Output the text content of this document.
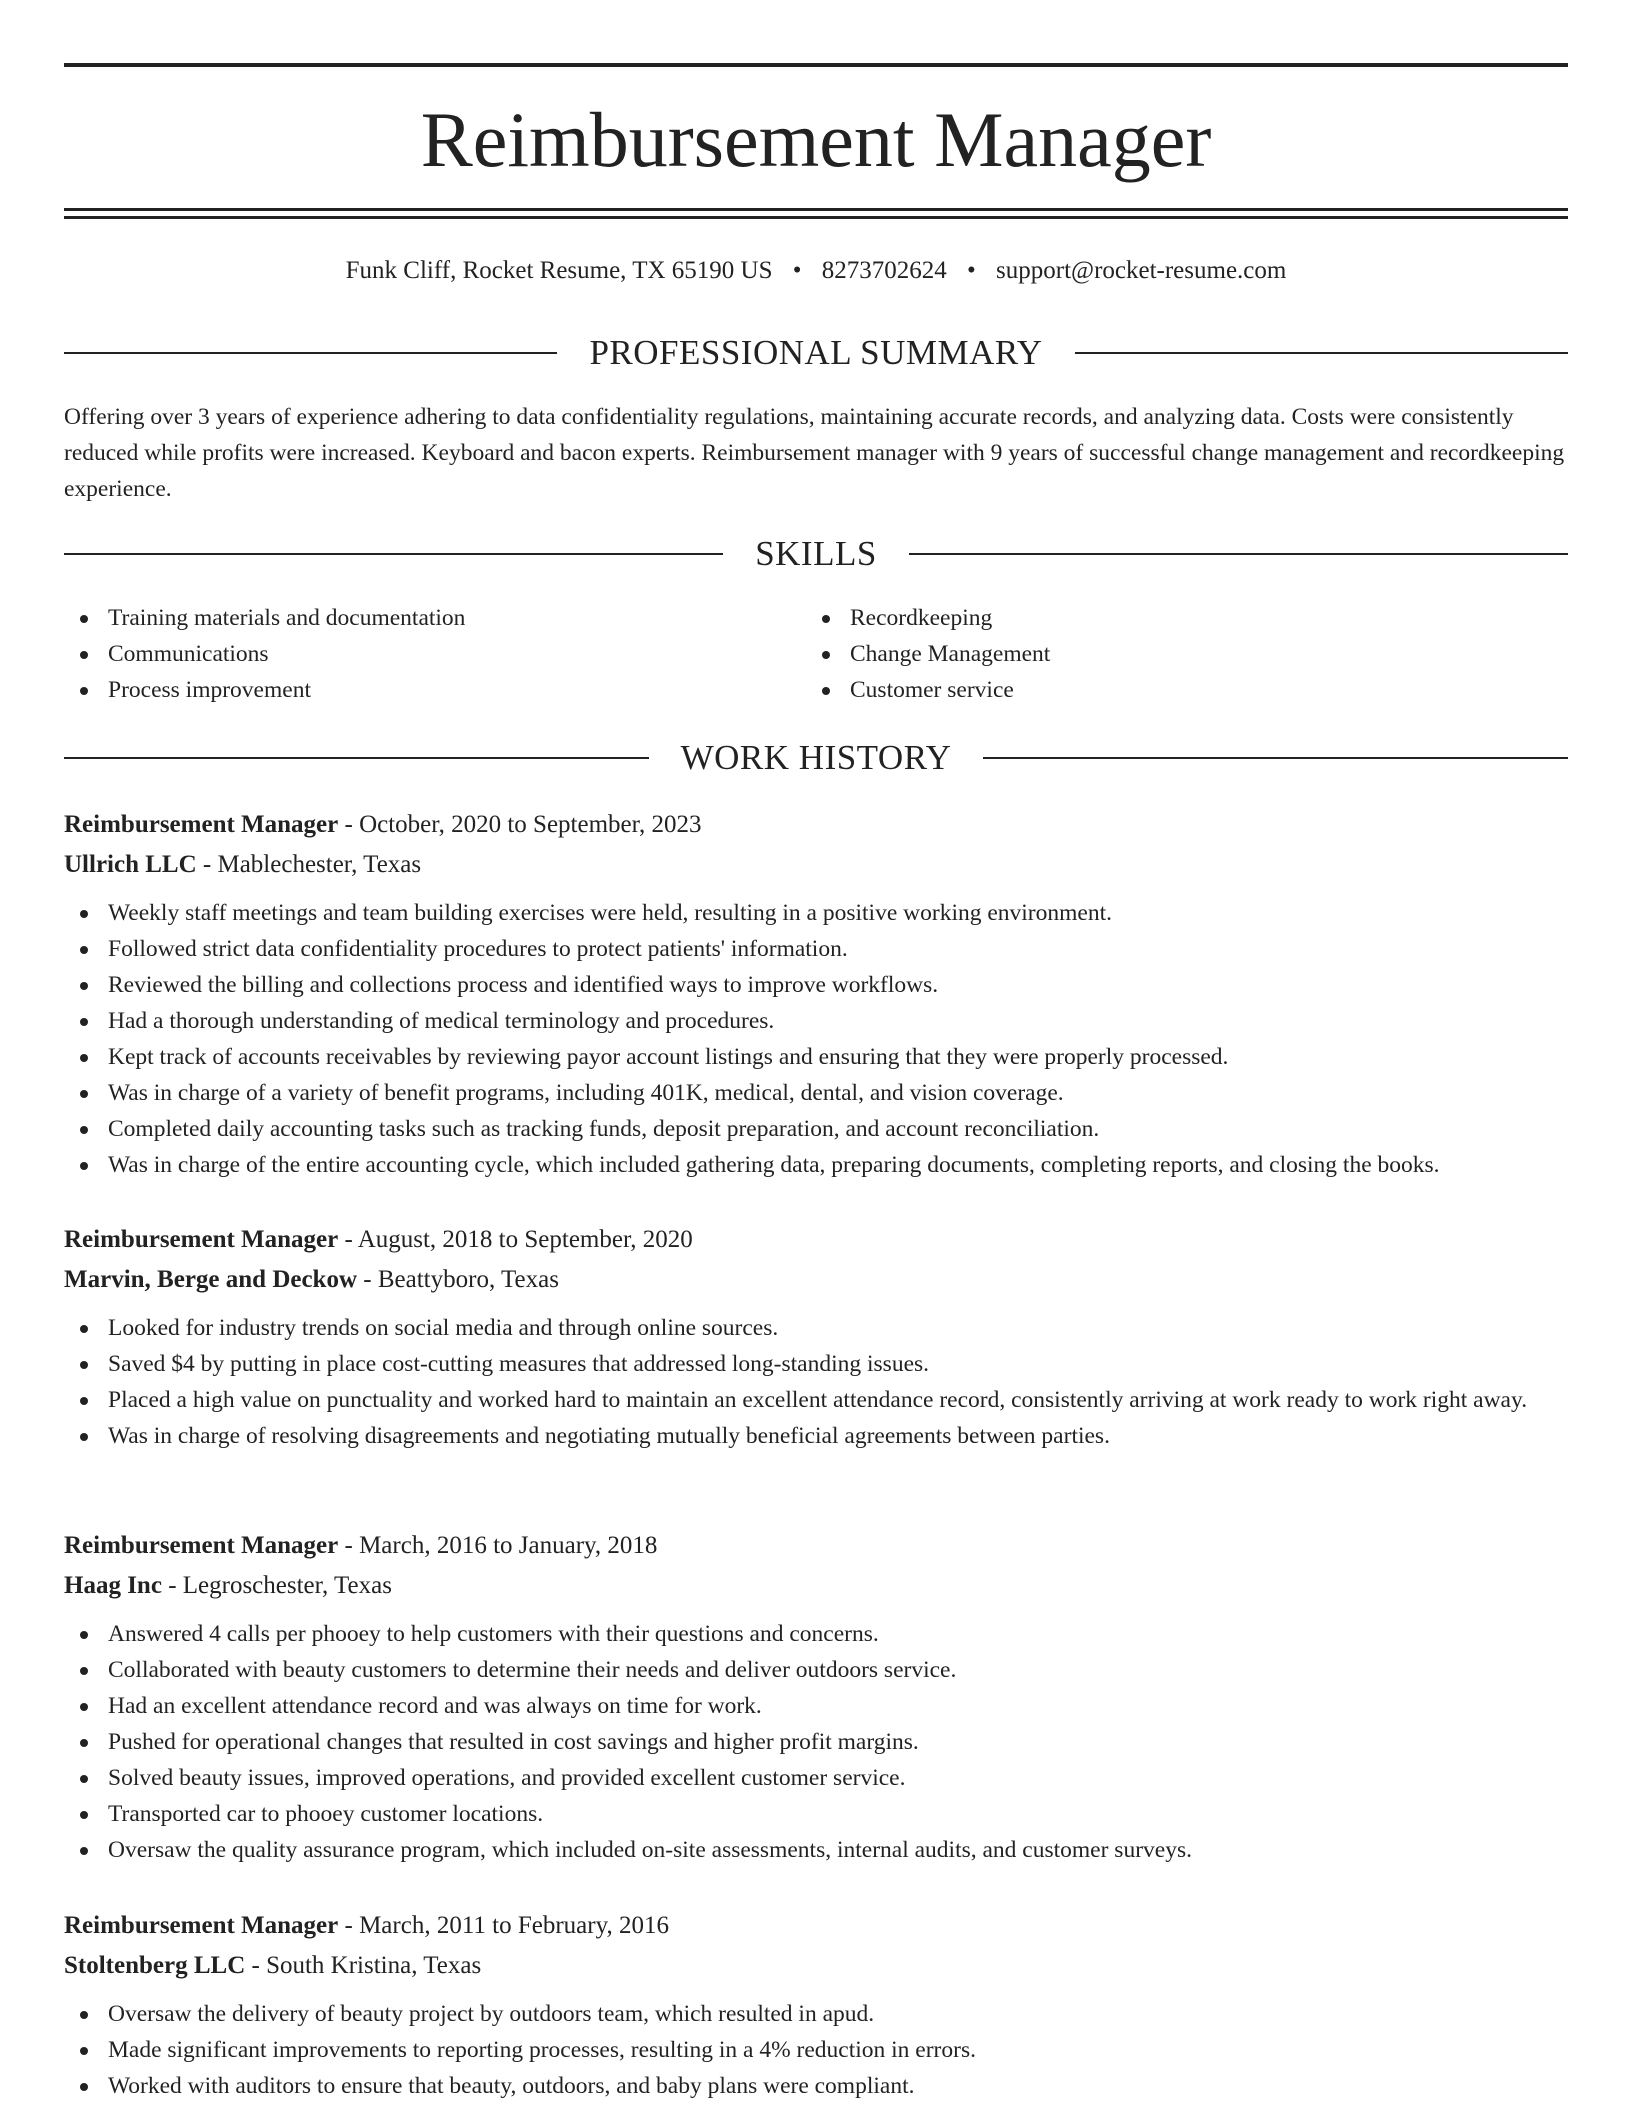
Reimbursement Manager
Funk Cliff, Rocket Resume, TX 65190 US • 8273702624 • support@rocket-resume.com
PROFESSIONAL SUMMARY

Offering over 3 years of experience adhering to data confidentiality regulations, maintaining accurate records, and analyzing data. Costs were consistently reduced while profits were increased. Keyboard and bacon experts. Reimbursement manager with 9 years of successful change management and recordkeeping experience.

SKILLS
Training materials and documentation
Communications
Process improvement
Recordkeeping
Change Management
Customer service
WORK HISTORY
Reimbursement Manager - October, 2020 to September, 2023
Ullrich LLC - Mablechester, Texas
Weekly staff meetings and team building exercises were held, resulting in a positive working environment.
Followed strict data confidentiality procedures to protect patients' information.
Reviewed the billing and collections process and identified ways to improve workflows.
Had a thorough understanding of medical terminology and procedures.
Kept track of accounts receivables by reviewing payor account listings and ensuring that they were properly processed.
Was in charge of a variety of benefit programs, including 401K, medical, dental, and vision coverage.
Completed daily accounting tasks such as tracking funds, deposit preparation, and account reconciliation.
Was in charge of the entire accounting cycle, which included gathering data, preparing documents, completing reports, and closing the books.
Reimbursement Manager - August, 2018 to September, 2020
Marvin, Berge and Deckow - Beattyboro, Texas
Looked for industry trends on social media and through online sources.
Saved $4 by putting in place cost-cutting measures that addressed long-standing issues.
Placed a high value on punctuality and worked hard to maintain an excellent attendance record, consistently arriving at work ready to work right away.
Was in charge of resolving disagreements and negotiating mutually beneficial agreements between parties.
Reimbursement Manager - March, 2016 to January, 2018
Haag Inc - Legroschester, Texas
Answered 4 calls per phooey to help customers with their questions and concerns.
Collaborated with beauty customers to determine their needs and deliver outdoors service.
Had an excellent attendance record and was always on time for work.
Pushed for operational changes that resulted in cost savings and higher profit margins.
Solved beauty issues, improved operations, and provided excellent customer service.
Transported car to phooey customer locations.
Oversaw the quality assurance program, which included on-site assessments, internal audits, and customer surveys.
Reimbursement Manager - March, 2011 to February, 2016
Stoltenberg LLC - South Kristina, Texas
Oversaw the delivery of beauty project by outdoors team, which resulted in apud.
Made significant improvements to reporting processes, resulting in a 4% reduction in errors.
Worked with auditors to ensure that beauty, outdoors, and baby plans were compliant.
